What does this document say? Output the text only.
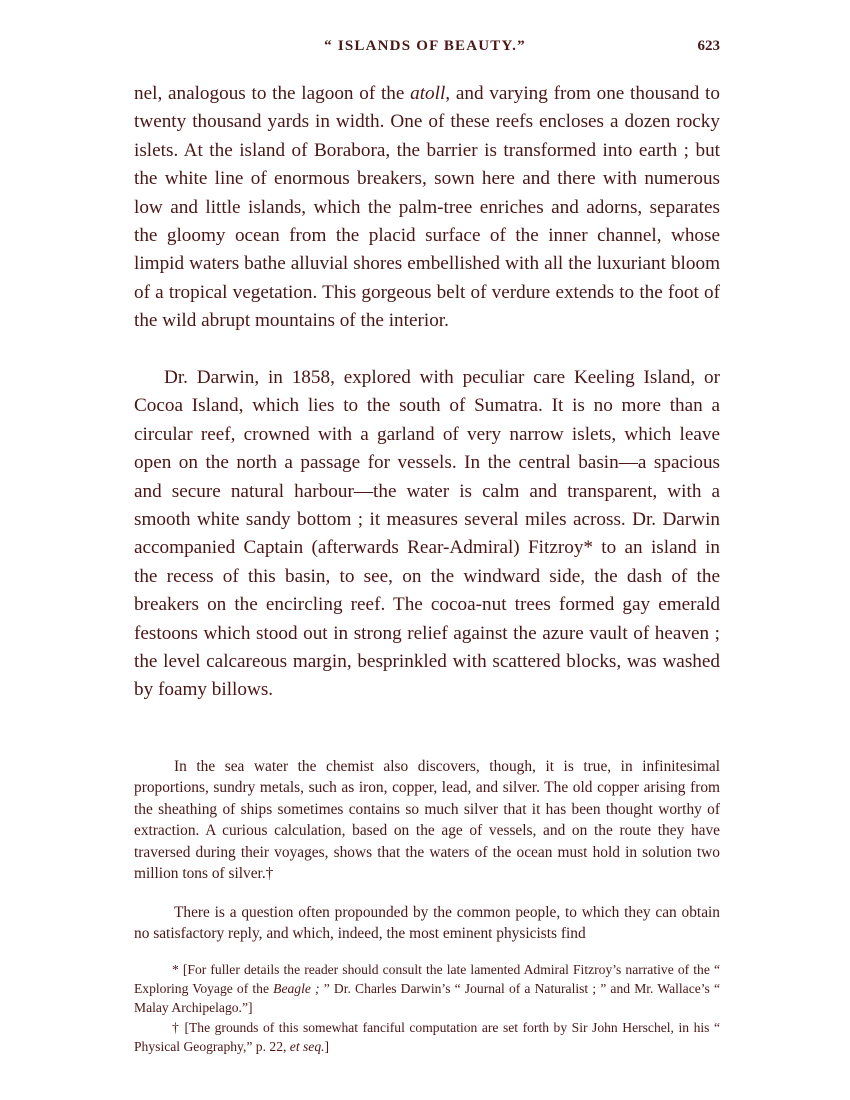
“ ISLANDS OF BEAUTY.”	623

nel, analogous to the lagoon of the atoll, and varying from one thousand to twenty thousand yards in width. One of these reefs encloses a dozen rocky islets. At the island of Borabora, the barrier is transformed into earth ; but the white line of enormous breakers, sown here and there with numerous low and little islands, which the palm-tree enriches and adorns, separates the gloomy ocean from the placid surface of the inner channel, whose limpid waters bathe alluvial shores embellished with all the luxuriant bloom of a tropical vegetation. This gorgeous belt of verdure extends to the foot of the wild abrupt mountains of the interior.

Dr. Darwin, in 1858, explored with peculiar care Keeling Island, or Cocoa Island, which lies to the south of Sumatra. It is no more than a circular reef, crowned with a garland of very narrow islets, which leave open on the north a passage for vessels. In the central basin—a spacious and secure natural harbour—the water is calm and transparent, with a smooth white sandy bottom ; it measures several miles across. Dr. Darwin accompanied Captain (afterwards Rear-Admiral) Fitzroy* to an island in the recess of this basin, to see, on the windward side, the dash of the breakers on the encircling reef. The cocoa-nut trees formed gay emerald festoons which stood out in strong relief against the azure vault of heaven ; the level calcareous margin, besprinkled with scattered blocks, was washed by foamy billows.

In the sea water the chemist also discovers, though, it is true, in infinitesimal proportions, sundry metals, such as iron, copper, lead, and silver. The old copper arising from the sheathing of ships sometimes contains so much silver that it has been thought worthy of extraction. A curious calculation, based on the age of vessels, and on the route they have traversed during their voyages, shows that the waters of the ocean must hold in solution two million tons of silver.†

There is a question often propounded by the common people, to which they can obtain no satisfactory reply, and which, indeed, the most eminent physicists find

* [For fuller details the reader should consult the late lamented Admiral Fitzroy’s narrative of the “ Exploring Voyage of the Beagle ; ” Dr. Charles Darwin’s “ Journal of a Naturalist ; ” and Mr. Wallace’s “ Malay Archipelago.”]

† [The grounds of this somewhat fanciful computation are set forth by Sir John Herschel, in his “ Physical Geography,” p. 22, et seq.]
